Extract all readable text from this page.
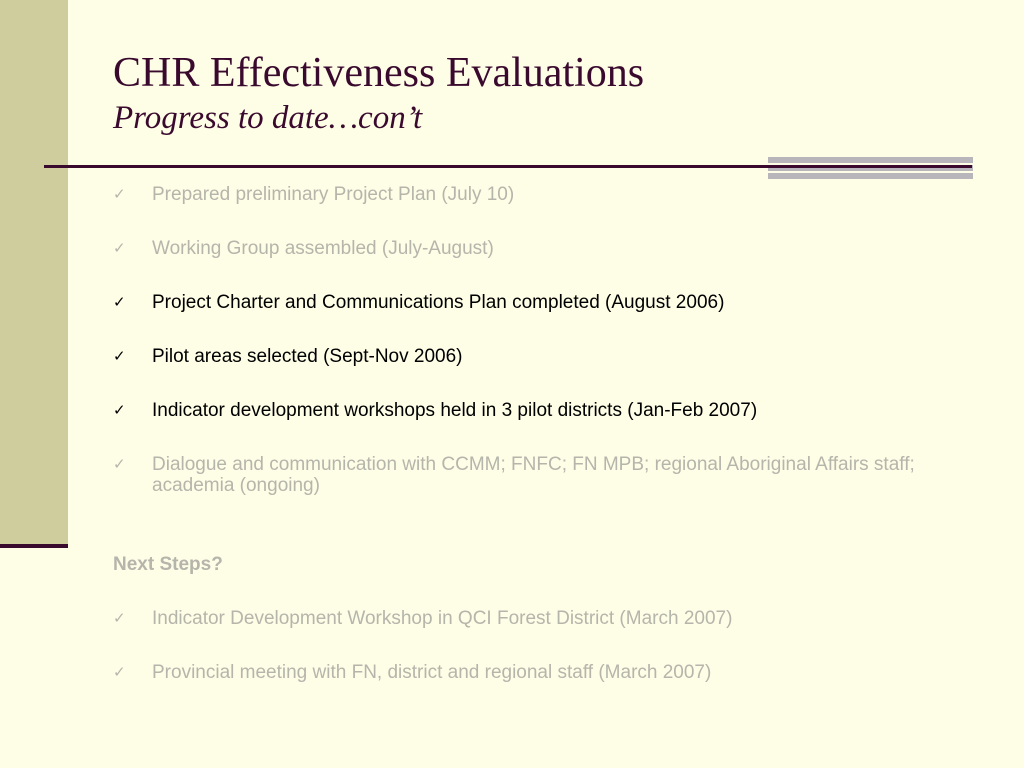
CHR Effectiveness Evaluations
Progress to date…con’t
✓ Prepared preliminary Project Plan (July 10)
✓ Working Group assembled (July-August)
✓ Project Charter and Communications Plan completed (August 2006)
✓ Pilot areas selected (Sept-Nov 2006)
✓ Indicator development workshops held in 3 pilot districts (Jan-Feb 2007)
✓ Dialogue and communication with CCMM; FNFC; FN MPB; regional Aboriginal Affairs staff; academia (ongoing)
Next Steps?
✓ Indicator Development Workshop in QCI Forest District (March 2007)
✓ Provincial meeting with FN, district and regional staff (March 2007)
